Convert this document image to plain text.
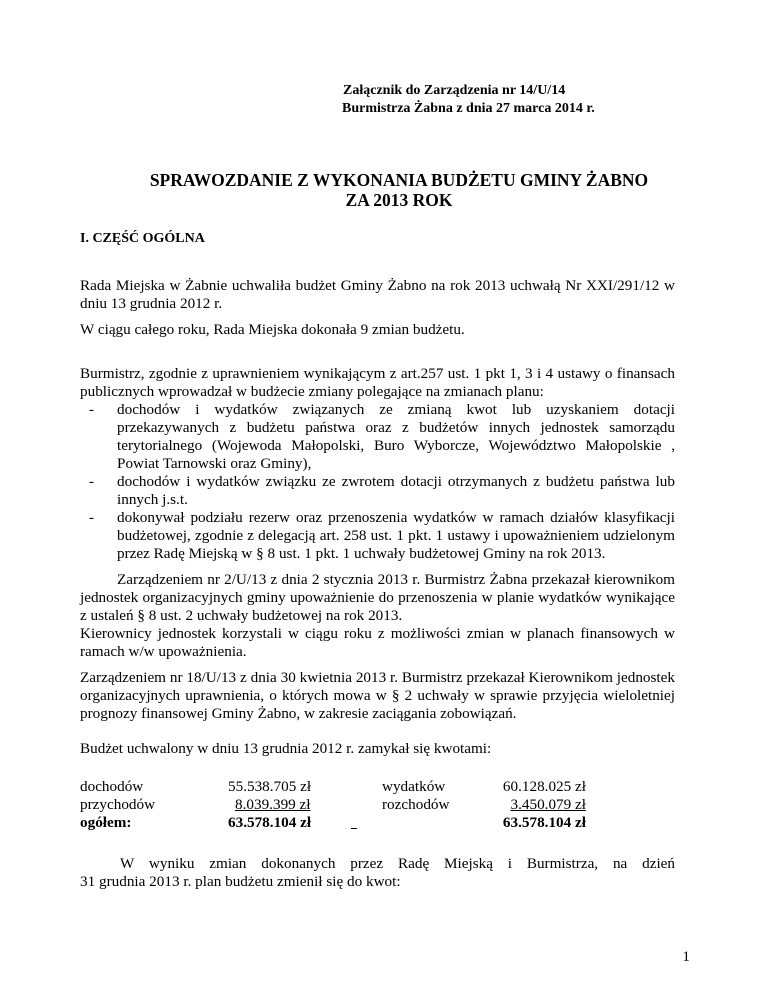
Załącznik do Zarządzenia nr 14/U/14
Burmistrza Żabna z dnia 27 marca 2014 r.
SPRAWOZDANIE Z WYKONANIA BUDŻETU GMINY ŻABNO
ZA 2013 ROK
I. CZĘŚĆ OGÓLNA
Rada Miejska w Żabnie uchwaliła budżet Gminy Żabno na rok 2013 uchwałą Nr XXI/291/12 w dniu 13 grudnia 2012 r.
W ciągu całego roku, Rada Miejska dokonała 9 zmian budżetu.
Burmistrz, zgodnie z uprawnieniem wynikającym z art.257 ust. 1 pkt 1, 3 i 4 ustawy o finansach publicznych wprowadzał w budżecie zmiany polegające na zmianach planu:
- dochodów i wydatków związanych ze zmianą kwot lub uzyskaniem dotacji przekazywanych z budżetu państwa oraz z budżetów innych jednostek samorządu terytorialnego (Wojewoda Małopolski, Buro Wyborcze, Województwo Małopolskie , Powiat Tarnowski oraz Gminy),
- dochodów i wydatków związku ze zwrotem dotacji otrzymanych z budżetu państwa lub innych j.s.t.
- dokonywał podziału rezerw oraz przenoszenia wydatków w ramach działów klasyfikacji budżetowej, zgodnie z delegacją art. 258 ust. 1 pkt. 1 ustawy i upoważnieniem udzielonym przez Radę Miejską w § 8 ust. 1 pkt. 1 uchwały budżetowej Gminy na rok 2013.
Zarządzeniem nr 2/U/13 z dnia 2 stycznia 2013 r. Burmistrz Żabna przekazał kierownikom jednostek organizacyjnych gminy upoważnienie do przenoszenia w planie wydatków wynikające z ustaleń § 8 ust. 2 uchwały budżetowej na rok 2013.
Kierownicy jednostek korzystali w ciągu roku z możliwości zmian w planach finansowych w ramach w/w upoważnienia.
Zarządzeniem nr 18/U/13 z dnia 30 kwietnia 2013 r. Burmistrz przekazał Kierownikom jednostek organizacyjnych uprawnienia, o których mowa w § 2 uchwały w sprawie przyjęcia wieloletniej prognozy finansowej Gminy Żabno, w zakresie zaciągania zobowiązań.
Budżet uchwalony w dniu 13 grudnia 2012 r. zamykał się kwotami:
dochodów
przychodów
ogółem:
55.538.705 zł
8.039.399 zł
63.578.104 zł
wydatków
rozchodów
60.128.025 zł
3.450.079 zł
63.578.104 zł
W wyniku zmian dokonanych przez Radę Miejską i Burmistrza, na dzień
31 grudnia 2013 r. plan budżetu zmienił się do kwot:
1
